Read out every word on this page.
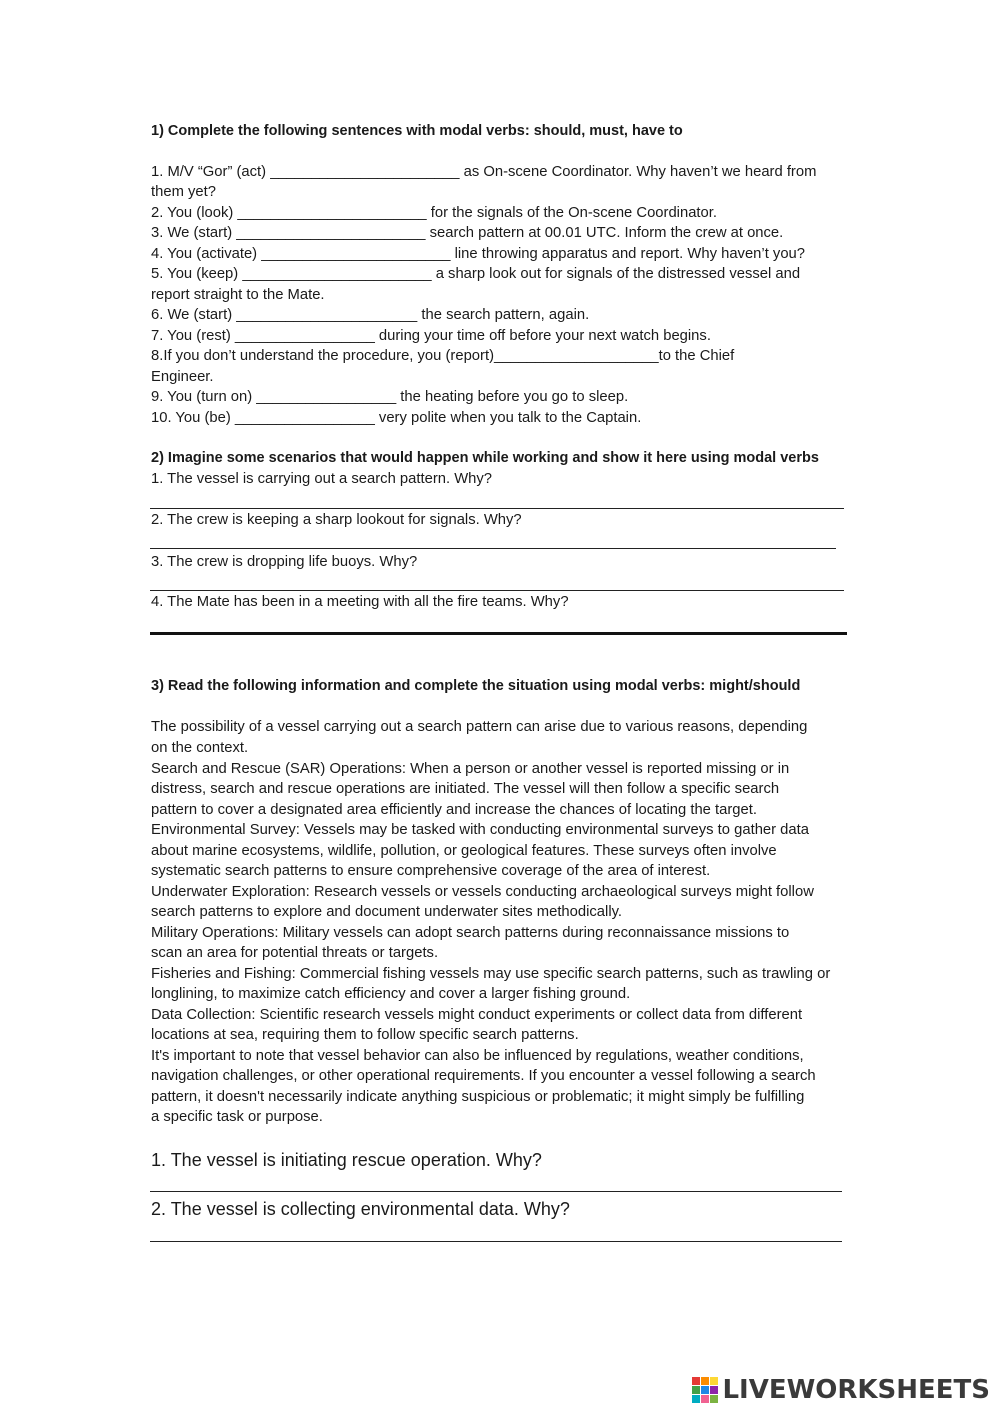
1) Complete the following sentences with modal verbs: should, must, have to
1. M/V “Gor” (act) _______________________ as On-scene Coordinator. Why haven’t we heard from
them yet?
2. You (look) _______________________ for the signals of the On-scene Coordinator.
3. We (start) _______________________ search pattern at 00.01 UTC. Inform the crew at once.
4. You (activate) _______________________ line throwing apparatus and report. Why haven’t you?
5. You (keep) _______________________ a sharp look out for signals of the distressed vessel and
report straight to the Mate.
6. We (start) ______________________ the search pattern, again.
7. You (rest) _________________ during your time off before your next watch begins.
8.If you don’t understand the procedure, you (report)____________________to the Chief
Engineer.
9. You (turn on) _________________ the heating before you go to sleep.
10. You (be) _________________ very polite when you talk to the Captain.
2) Imagine some scenarios that would happen while working and show it here using modal verbs
1. The vessel is carrying out a search pattern. Why?
2. The crew is keeping a sharp lookout for signals. Why?
3. The crew is dropping life buoys. Why?
4. The Mate has been in a meeting with all the fire teams. Why?
3) Read the following information and complete the situation using modal verbs: might/should
The possibility of a vessel carrying out a search pattern can arise due to various reasons, depending
on the context.
Search and Rescue (SAR) Operations: When a person or another vessel is reported missing or in
distress, search and rescue operations are initiated. The vessel will then follow a specific search
pattern to cover a designated area efficiently and increase the chances of locating the target.
Environmental Survey: Vessels may be tasked with conducting environmental surveys to gather data
about marine ecosystems, wildlife, pollution, or geological features. These surveys often involve
systematic search patterns to ensure comprehensive coverage of the area of interest.
Underwater Exploration: Research vessels or vessels conducting archaeological surveys might follow
search patterns to explore and document underwater sites methodically.
Military Operations: Military vessels can adopt search patterns during reconnaissance missions to
scan an area for potential threats or targets.
Fisheries and Fishing: Commercial fishing vessels may use specific search patterns, such as trawling or
longlining, to maximize catch efficiency and cover a larger fishing ground.
Data Collection: Scientific research vessels might conduct experiments or collect data from different
locations at sea, requiring them to follow specific search patterns.
It's important to note that vessel behavior can also be influenced by regulations, weather conditions,
navigation challenges, or other operational requirements. If you encounter a vessel following a search
pattern, it doesn't necessarily indicate anything suspicious or problematic; it might simply be fulfilling
a specific task or purpose.
1. The vessel is initiating rescue operation. Why?
2. The vessel is collecting environmental data. Why?
LIVEWORKSHEETS
